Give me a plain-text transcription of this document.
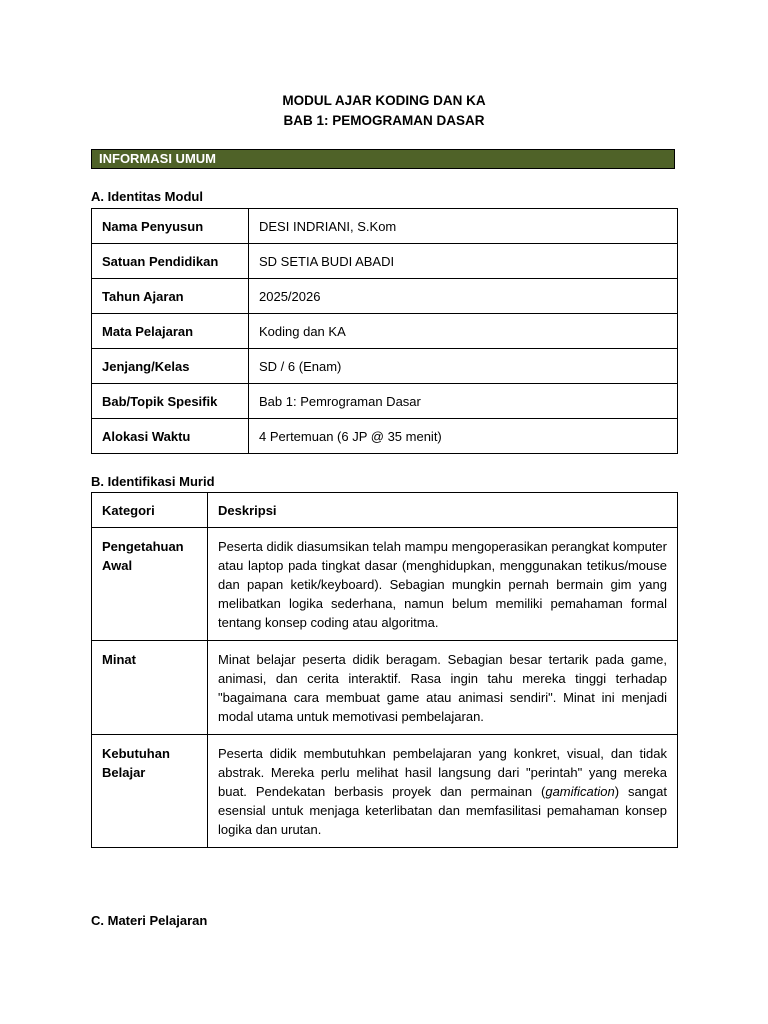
MODUL AJAR KODING DAN KA
BAB 1: PEMOGRAMAN DASAR
INFORMASI UMUM
A. Identitas Modul
Nama Penyusun	DESI INDRIANI, S.Kom
Satuan Pendidikan	SD SETIA BUDI ABADI
Tahun Ajaran	2025/2026
Mata Pelajaran	Koding dan KA
Jenjang/Kelas	SD / 6 (Enam)
Bab/Topik Spesifik	Bab 1: Pemrograman Dasar
Alokasi Waktu	4 Pertemuan (6 JP @ 35 menit)
B. Identifikasi Murid
Kategori	Deskripsi
Pengetahuan Awal	Peserta didik diasumsikan telah mampu mengoperasikan perangkat komputer atau laptop pada tingkat dasar (menghidupkan, menggunakan tetikus/mouse dan papan ketik/keyboard). Sebagian mungkin pernah bermain gim yang melibatkan logika sederhana, namun belum memiliki pemahaman formal tentang konsep coding atau algoritma.
Minat	Minat belajar peserta didik beragam. Sebagian besar tertarik pada game, animasi, dan cerita interaktif. Rasa ingin tahu mereka tinggi terhadap "bagaimana cara membuat game atau animasi sendiri". Minat ini menjadi modal utama untuk memotivasi pembelajaran.
Kebutuhan Belajar	Peserta didik membutuhkan pembelajaran yang konkret, visual, dan tidak abstrak. Mereka perlu melihat hasil langsung dari "perintah" yang mereka buat. Pendekatan berbasis proyek dan permainan (gamification) sangat esensial untuk menjaga keterlibatan dan memfasilitasi pemahaman konsep logika dan urutan.
C. Materi Pelajaran
